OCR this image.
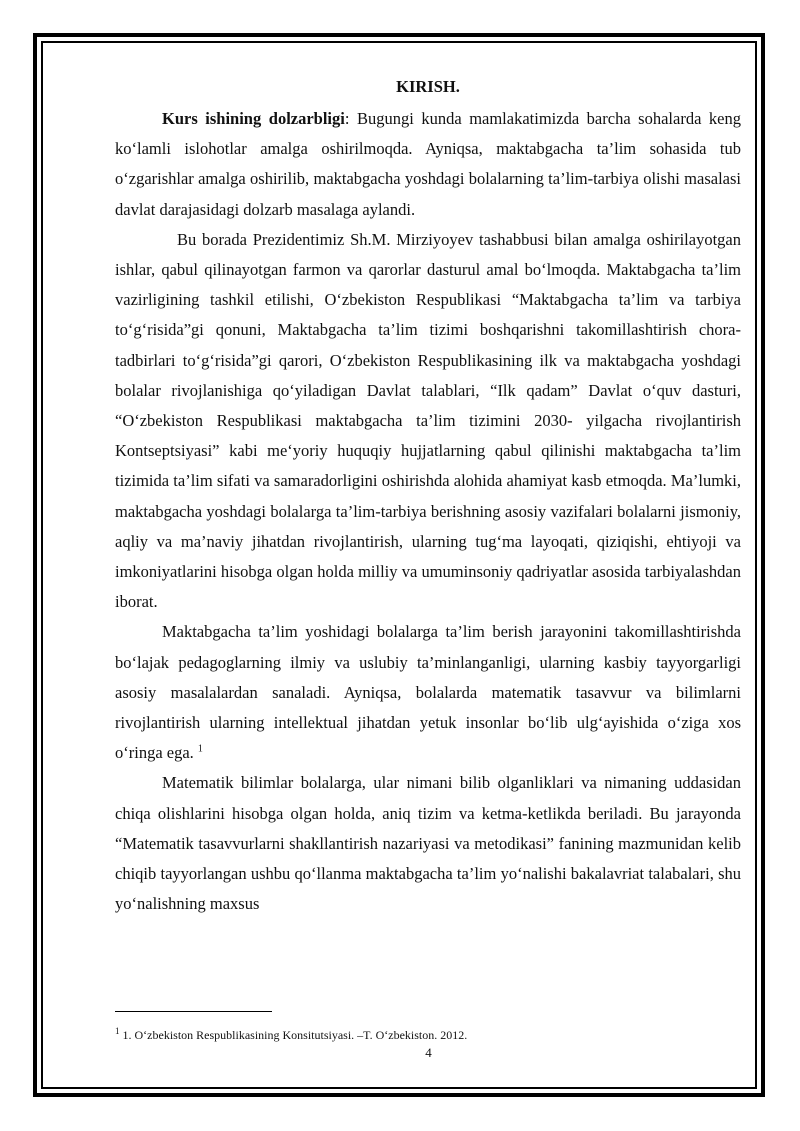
KIRISH.

Kurs ishining dolzarbligi: Bugungi kunda mamlakatimizda barcha sohalarda keng ko‘lamli islohotlar amalga oshirilmoqda. Ayniqsa, maktabgacha ta’lim sohasida tub o‘zgarishlar amalga oshirilib, maktabgacha yoshdagi bolalarning ta’lim-tarbiya olishi masalasi davlat darajasidagi dolzarb masalaga aylandi.

Bu borada Prezidentimiz Sh.M. Mirziyoyev tashabbusi bilan amalga oshirilayotgan ishlar, qabul qilinayotgan farmon va qarorlar dasturul amal bo‘lmoqda. Maktabgacha ta’lim vazirligining tashkil etilishi, O‘zbekiston Respublikasi “Maktabgacha ta’lim va tarbiya to‘g‘risida”gi qonuni, Maktabgacha ta’lim tizimi boshqarishni takomillashtirish chora-tadbirlari to‘g‘risida”gi qarori, O‘zbekiston Respublikasining ilk va maktabgacha yoshdagi bolalar rivojlanishiga qo‘yiladigan Davlat talablari, “Ilk qadam” Davlat o‘quv dasturi, “O‘zbekiston Respublikasi maktabgacha ta’lim tizimini 2030- yilgacha rivojlantirish Kontseptsiyasi” kabi me‘yoriy huquqiy hujjatlarning qabul qilinishi maktabgacha ta’lim tizimida ta’lim sifati va samaradorligini oshirishda alohida ahamiyat kasb etmoqda. Ma’lumki, maktabgacha yoshdagi bolalarga ta’lim-tarbiya berishning asosiy vazifalari bolalarni jismoniy, aqliy va ma’naviy jihatdan rivojlantirish, ularning tug‘ma layoqati, qiziqishi, ehtiyoji va imkoniyatlarini hisobga olgan holda milliy va umuminsoniy qadriyatlar asosida tarbiyalashdan iborat.

Maktabgacha ta’lim yoshidagi bolalarga ta’lim berish jarayonini takomillashtirishda bo‘lajak pedagoglarning ilmiy va uslubiy ta’minlanganligi, ularning kasbiy tayyorgarligi asosiy masalalardan sanaladi. Ayniqsa, bolalarda matematik tasavvur va bilimlarni rivojlantirish ularning intellektual jihatdan yetuk insonlar bo‘lib ulg‘ayishida o‘ziga xos o‘ringa ega. $^1$

Matematik bilimlar bolalarga, ular nimani bilib olganliklari va nimaning uddasidan chiqa olishlarini hisobga olgan holda, aniq tizim va ketma-ketlikda beriladi. Bu jarayonda “Matematik tasavvurlarni shakllantirish nazariyasi va metodikasi” fanining mazmunidan kelib chiqib tayyorlangan ushbu qo‘llanma maktabgacha ta’lim yo‘nalishi bakalavriat talabalari, shu yo‘nalishning maxsus

$^1$ 1. O‘zbekiston Respublikasining Konsitutsiyasi. –T. O‘zbekiston. 2012.
4
